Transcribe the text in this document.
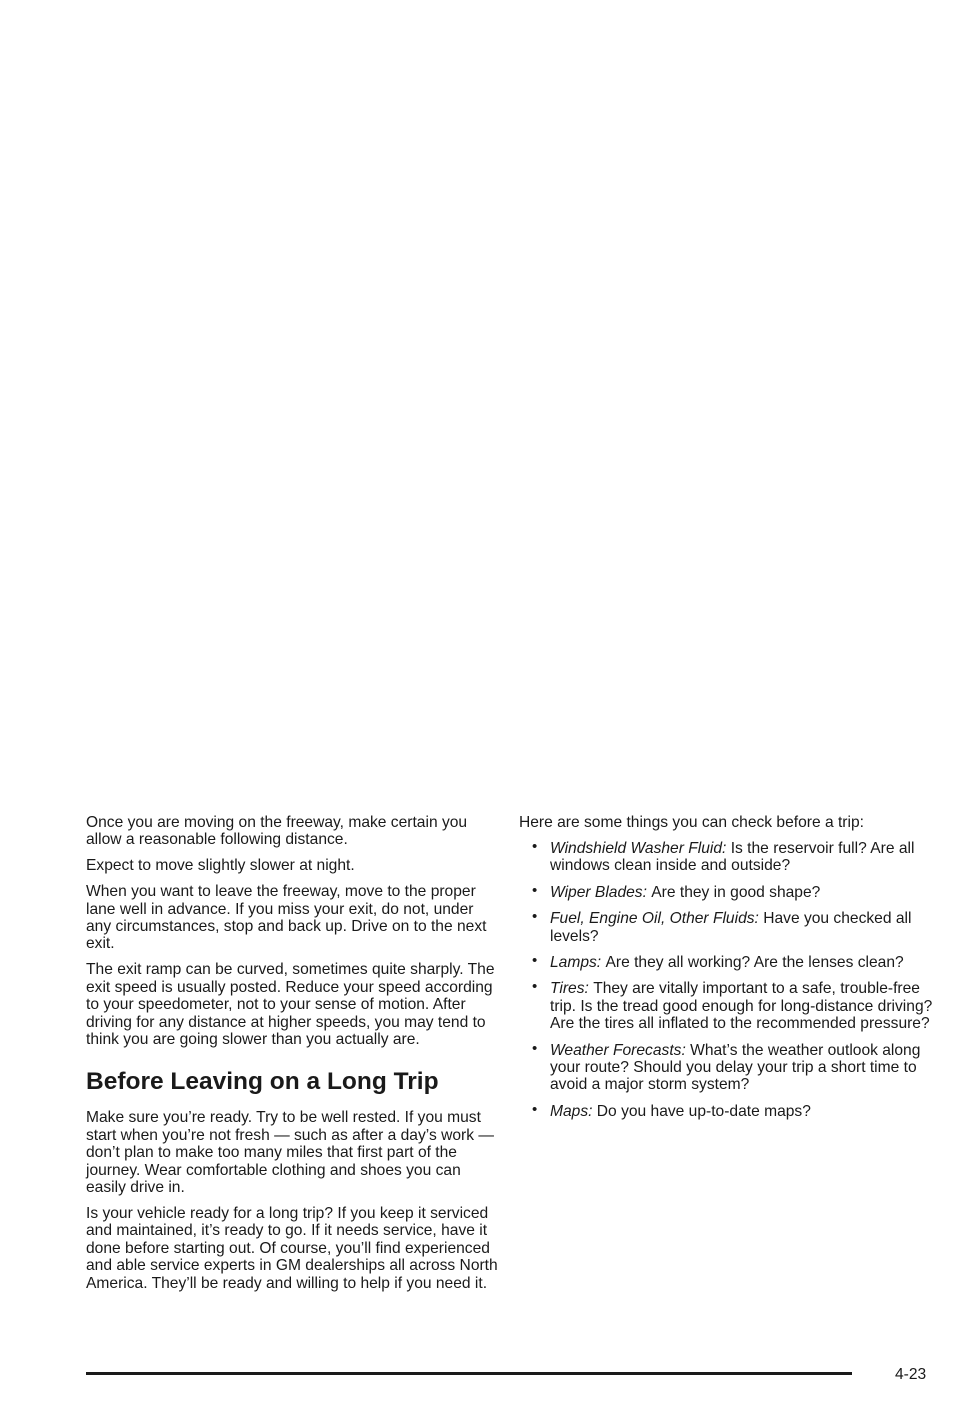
Once you are moving on the freeway, make certain you allow a reasonable following distance.

Expect to move slightly slower at night.

When you want to leave the freeway, move to the proper lane well in advance. If you miss your exit, do not, under any circumstances, stop and back up. Drive on to the next exit.

The exit ramp can be curved, sometimes quite sharply. The exit speed is usually posted. Reduce your speed according to your speedometer, not to your sense of motion. After driving for any distance at higher speeds, you may tend to think you are going slower than you actually are.

Before Leaving on a Long Trip

Make sure you’re ready. Try to be well rested. If you must start when you’re not fresh — such as after a day’s work — don’t plan to make too many miles that first part of the journey. Wear comfortable clothing and shoes you can easily drive in.

Is your vehicle ready for a long trip? If you keep it serviced and maintained, it’s ready to go. If it needs service, have it done before starting out. Of course, you’ll find experienced and able service experts in GM dealerships all across North America. They’ll be ready and willing to help if you need it.

Here are some things you can check before a trip:

• Windshield Washer Fluid: Is the reservoir full? Are all windows clean inside and outside?
• Wiper Blades: Are they in good shape?
• Fuel, Engine Oil, Other Fluids: Have you checked all levels?
• Lamps: Are they all working? Are the lenses clean?
• Tires: They are vitally important to a safe, trouble-free trip. Is the tread good enough for long-distance driving? Are the tires all inflated to the recommended pressure?
• Weather Forecasts: What’s the weather outlook along your route? Should you delay your trip a short time to avoid a major storm system?
• Maps: Do you have up-to-date maps?
4-23
